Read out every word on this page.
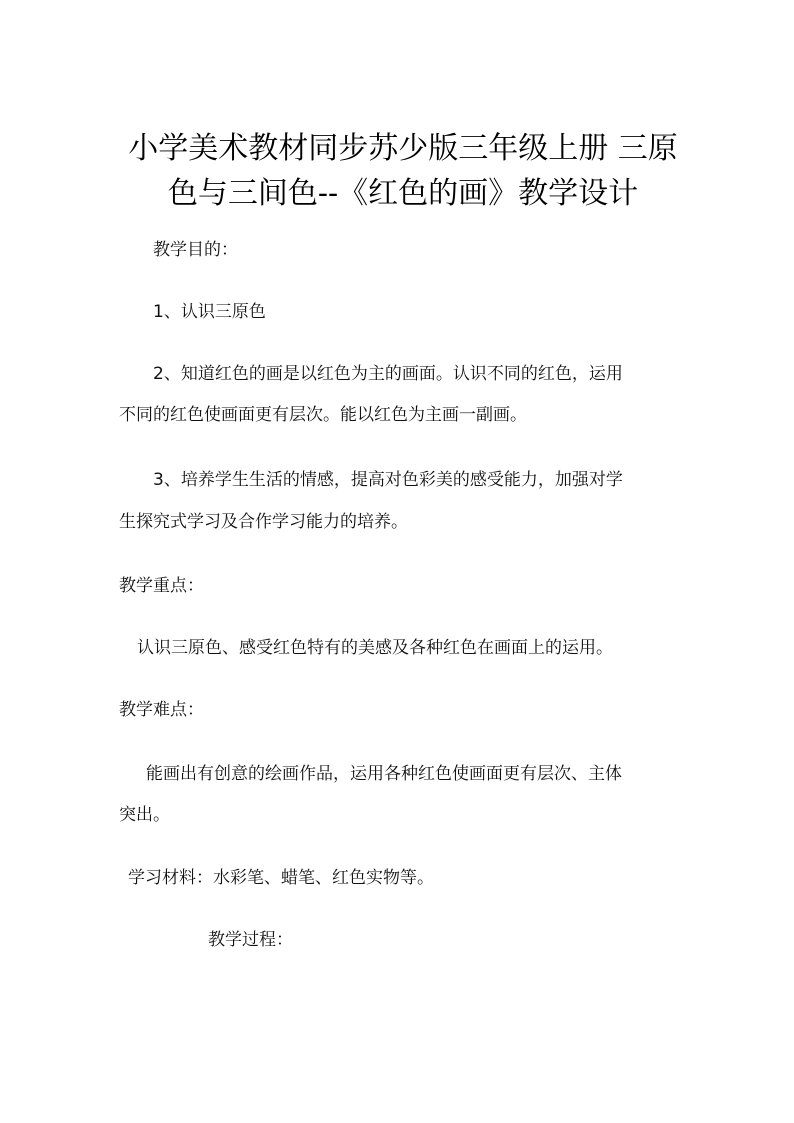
小学美术教材同步苏少版三年级上册 三原
色与三间色--《红色的画》教学设计
教学目的：
1、认识三原色
2、知道红色的画是以红色为主的画面。认识不同的红色，运用
不同的红色使画面更有层次。能以红色为主画一副画。
3、培养学生生活的情感，提高对色彩美的感受能力，加强对学
生探究式学习及合作学习能力的培养。
教学重点：
认识三原色、感受红色特有的美感及各种红色在画面上的运用。
教学难点：
能画出有创意的绘画作品，运用各种红色使画面更有层次、主体
突出。
学习材料：水彩笔、蜡笔、红色实物等。
教学过程：
